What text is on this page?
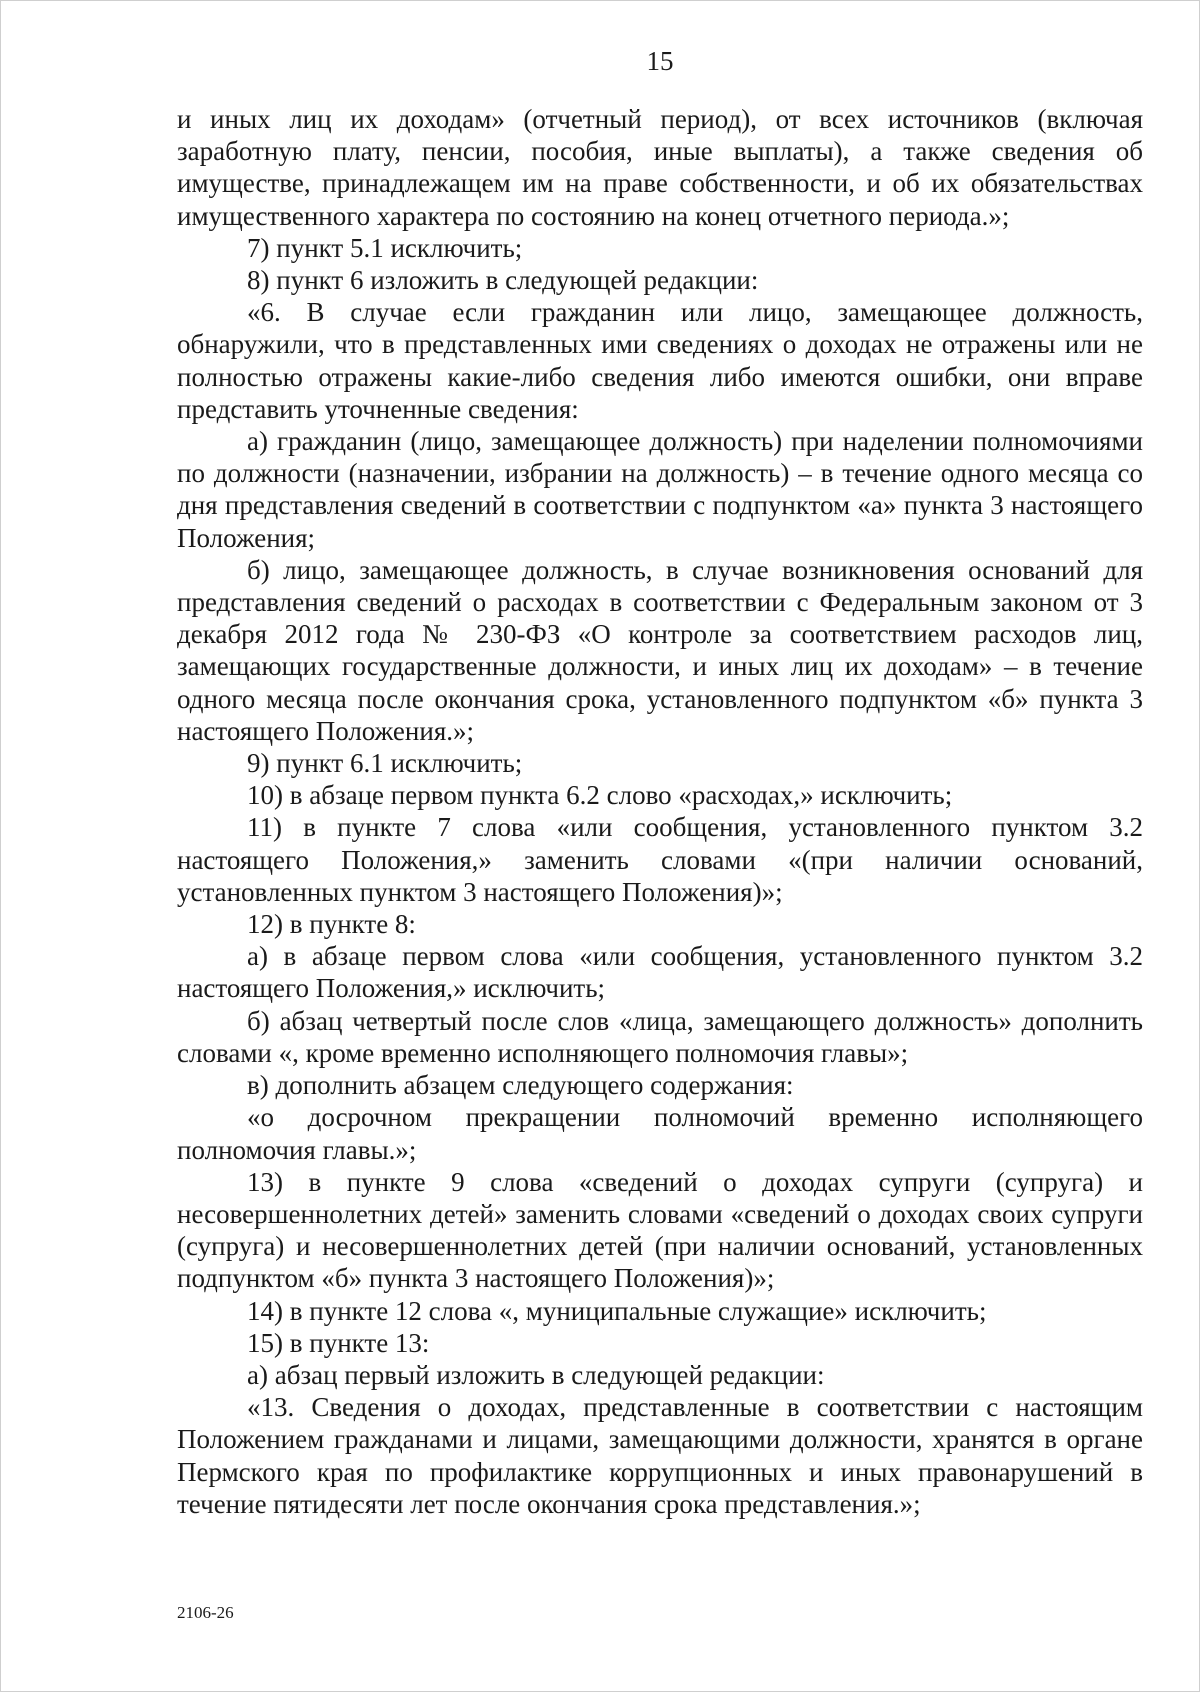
15

и иных лиц их доходам» (отчетный период), от всех источников (включая заработную плату, пенсии, пособия, иные выплаты), а также сведения об имуществе, принадлежащем им на праве собственности, и об их обязательствах имущественного характера по состоянию на конец отчетного периода.»;

7) пункт 5.1 исключить;

8) пункт 6 изложить в следующей редакции:

«6. В случае если гражданин или лицо, замещающее должность, обнаружили, что в представленных ими сведениях о доходах не отражены или не полностью отражены какие-либо сведения либо имеются ошибки, они вправе представить уточненные сведения:

а) гражданин (лицо, замещающее должность) при наделении полномочиями по должности (назначении, избрании на должность) – в течение одного месяца со дня представления сведений в соответствии с подпунктом «а» пункта 3 настоящего Положения;

б) лицо, замещающее должность, в случае возникновения оснований для представления сведений о расходах в соответствии с Федеральным законом от 3 декабря 2012 года № 230-ФЗ «О контроле за соответствием расходов лиц, замещающих государственные должности, и иных лиц их доходам» – в течение одного месяца после окончания срока, установленного подпунктом «б» пункта 3 настоящего Положения.»;

9) пункт 6.1 исключить;

10) в абзаце первом пункта 6.2 слово «расходах,» исключить;

11) в пункте 7 слова «или сообщения, установленного пунктом 3.2 настоящего Положения,» заменить словами «(при наличии оснований, установленных пунктом 3 настоящего Положения)»;

12) в пункте 8:

а) в абзаце первом слова «или сообщения, установленного пунктом 3.2 настоящего Положения,» исключить;

б) абзац четвертый после слов «лица, замещающего должность» дополнить словами «, кроме временно исполняющего полномочия главы»;

в) дополнить абзацем следующего содержания:

«о досрочном прекращении полномочий временно исполняющего полномочия главы.»;

13) в пункте 9 слова «сведений о доходах супруги (супруга) и несовершеннолетних детей» заменить словами «сведений о доходах своих супруги (супруга) и несовершеннолетних детей (при наличии оснований, установленных подпунктом «б» пункта 3 настоящего Положения)»;

14) в пункте 12 слова «, муниципальные служащие» исключить;

15) в пункте 13:

а) абзац первый изложить в следующей редакции:

«13. Сведения о доходах, представленные в соответствии с настоящим Положением гражданами и лицами, замещающими должности, хранятся в органе Пермского края по профилактике коррупционных и иных правонарушений в течение пятидесяти лет после окончания срока представления.»;

2106-26
